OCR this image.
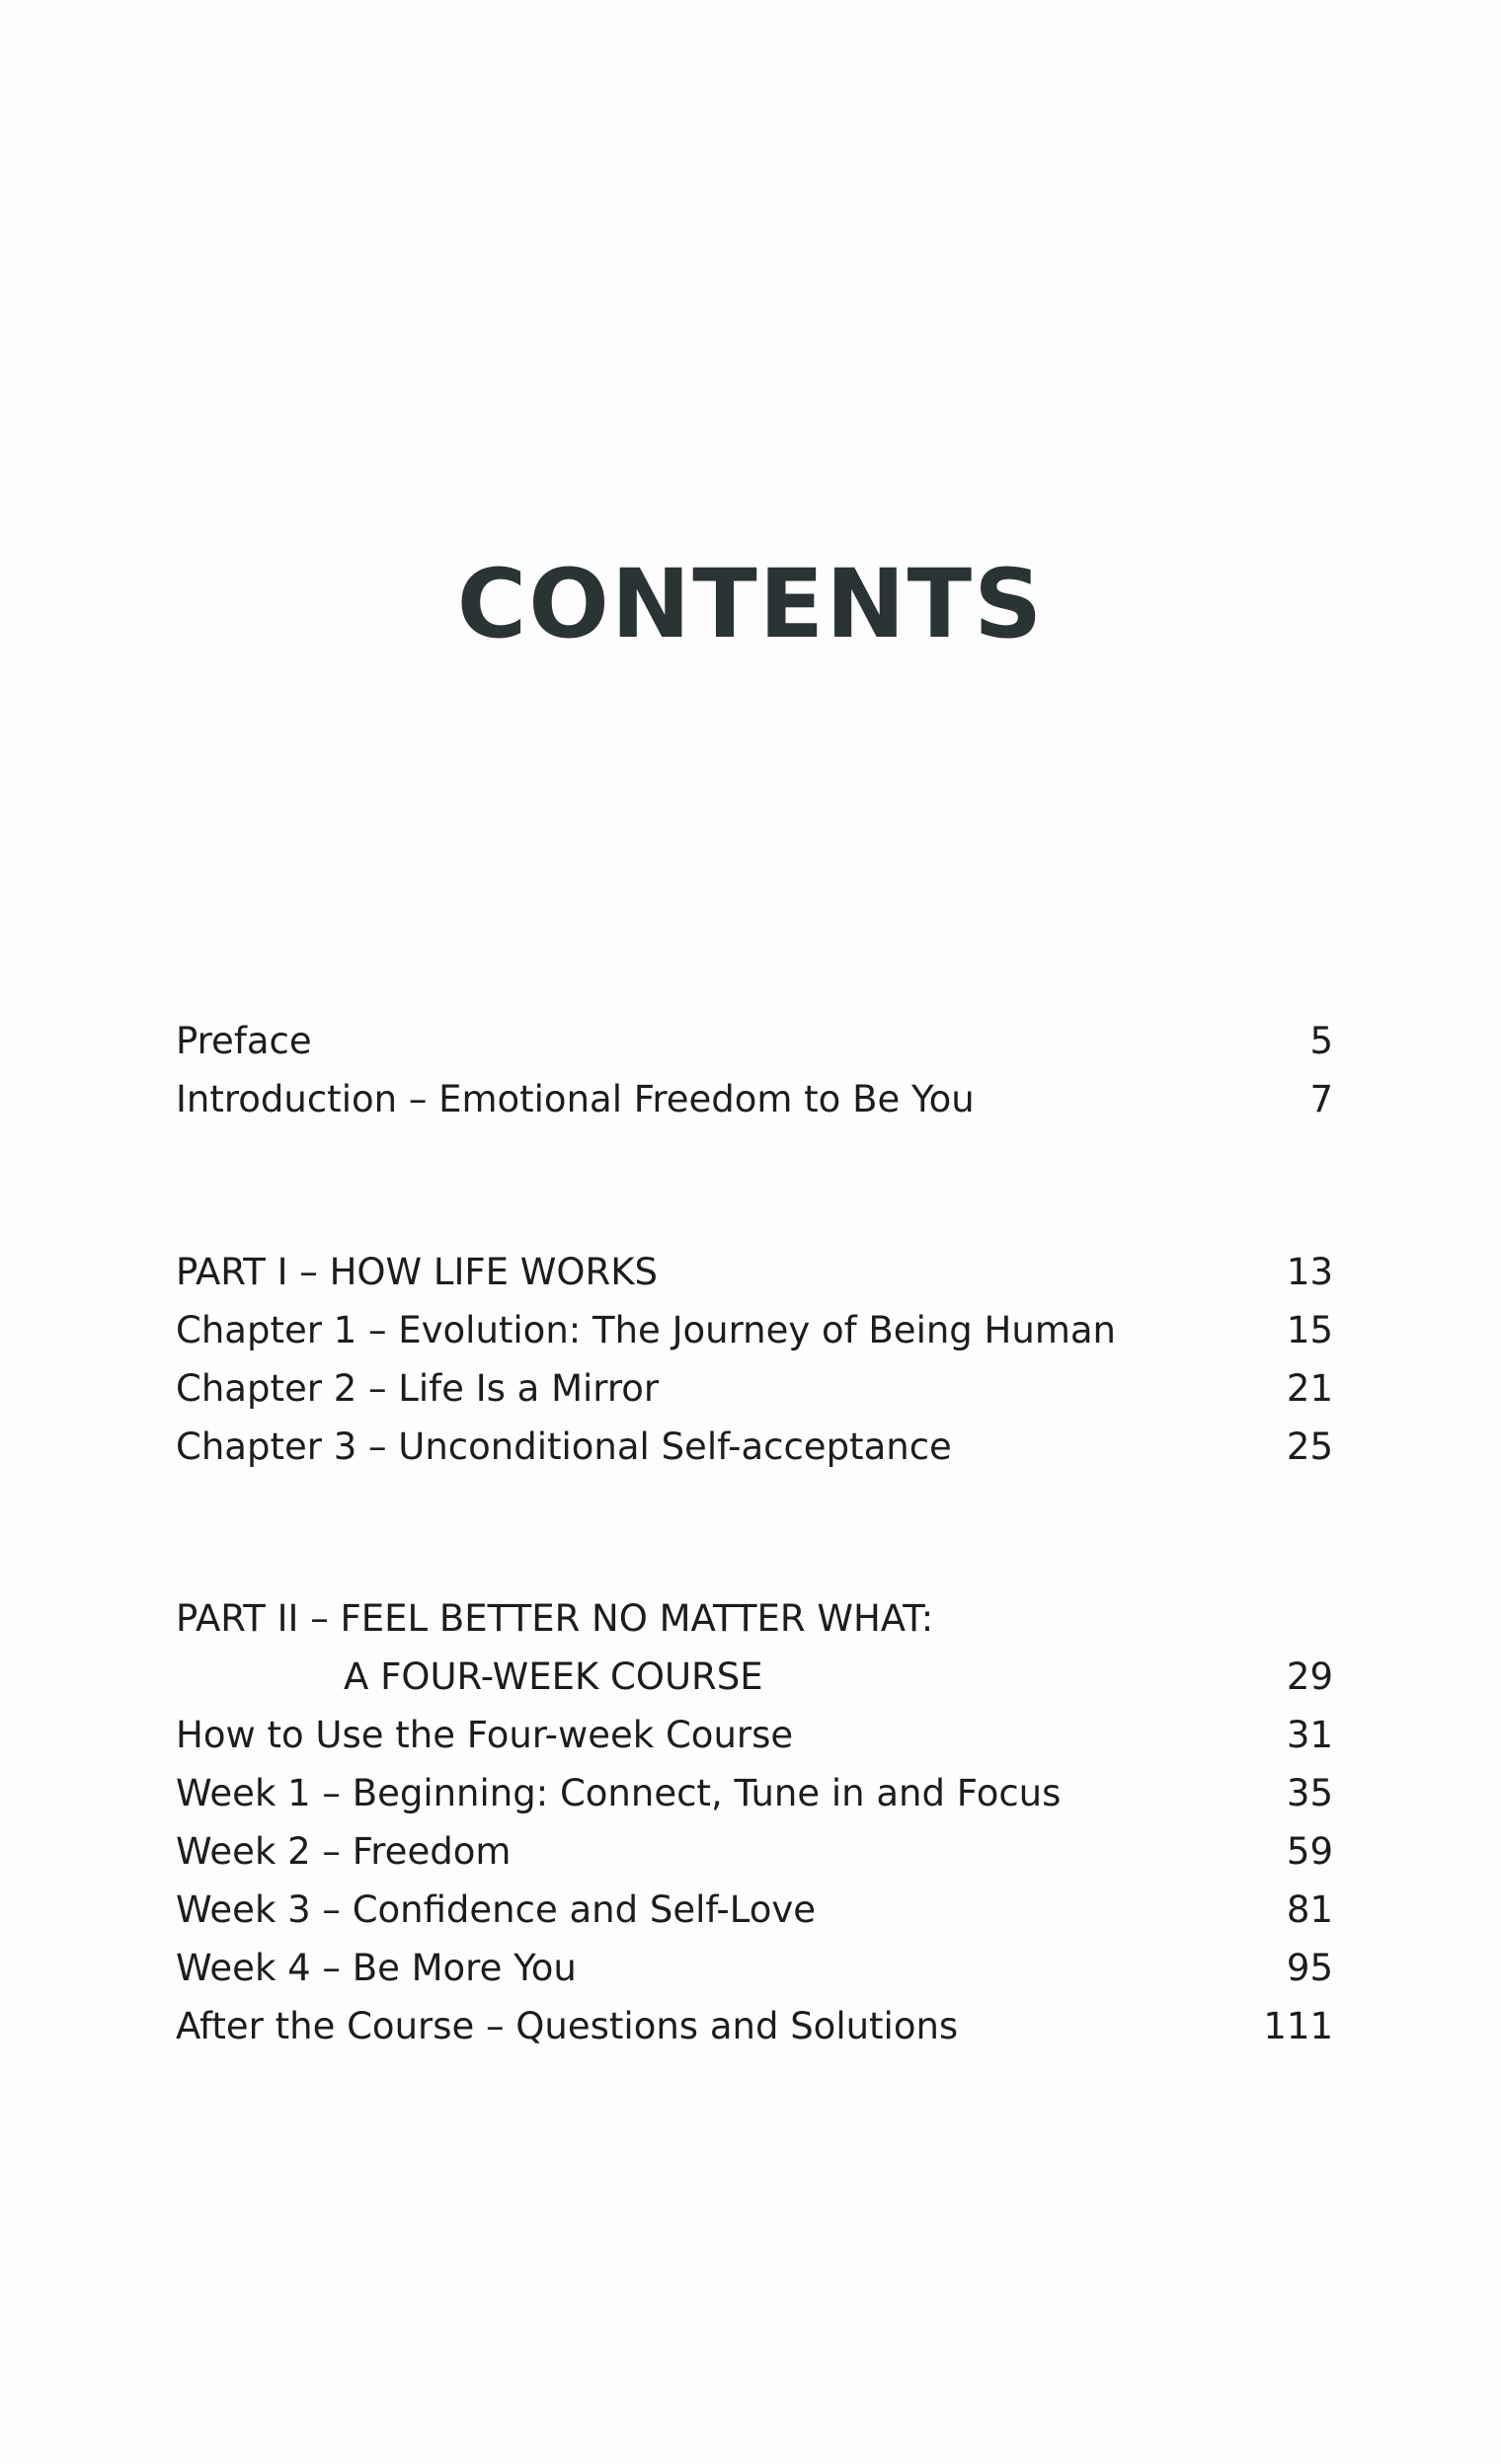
CONTENTS
Preface	5
Introduction – Emotional Freedom to Be You	7
PART I – HOW LIFE WORKS	13
Chapter 1 – Evolution: The Journey of Being Human	15
Chapter 2 – Life Is a Mirror	21
Chapter 3 – Unconditional Self-acceptance	25
PART II – FEEL BETTER NO MATTER WHAT:
A FOUR-WEEK COURSE	29
How to Use the Four-week Course	31
Week 1 – Beginning: Connect, Tune in and Focus	35
Week 2 – Freedom	59
Week 3 – Confidence and Self-Love	81
Week 4 – Be More You	95
After the Course – Questions and Solutions	111
